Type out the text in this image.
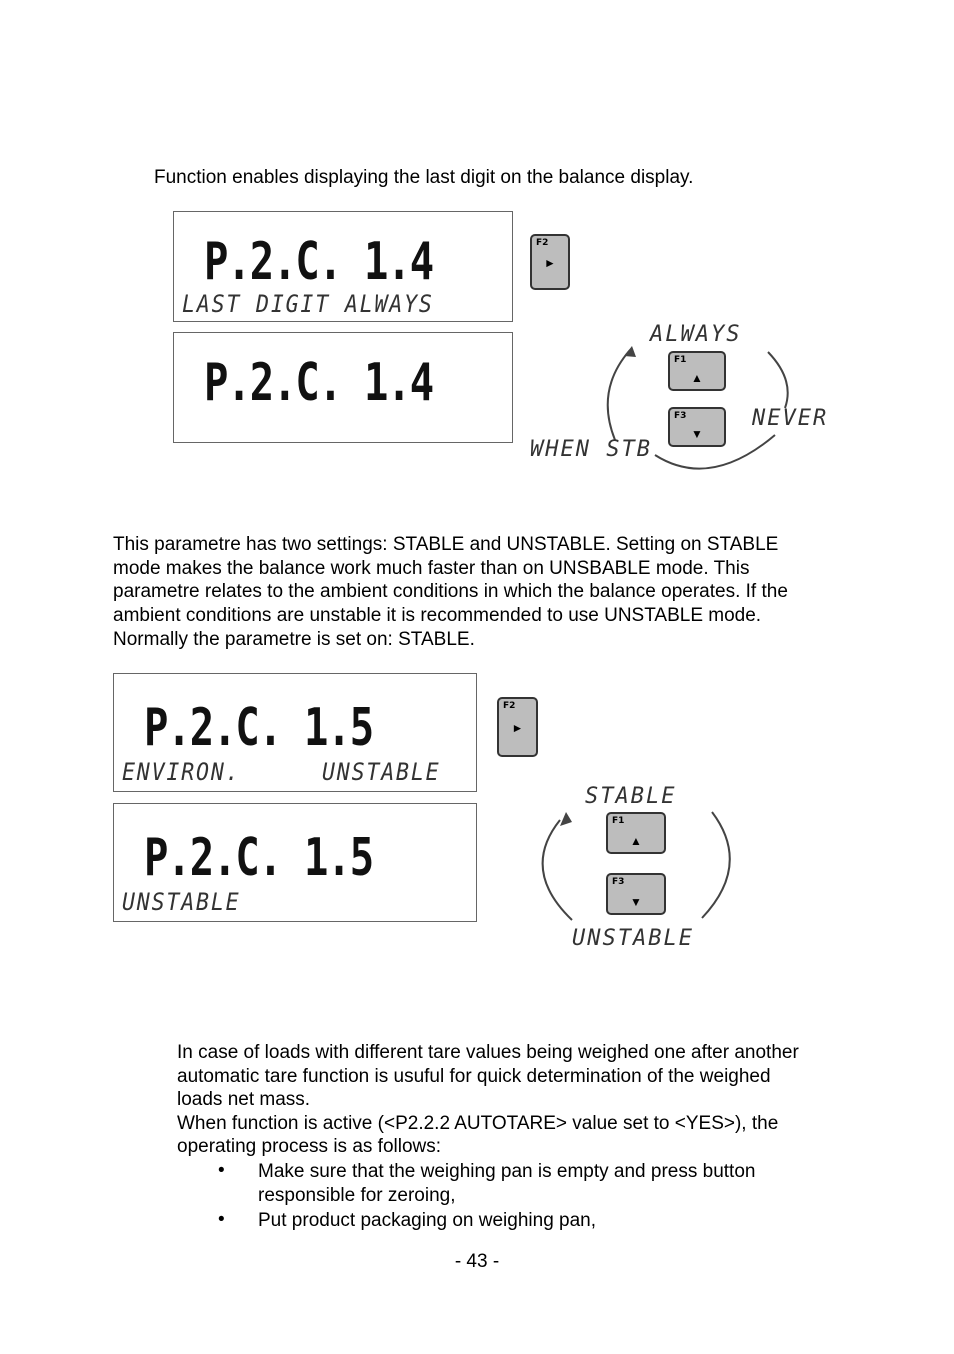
Function enables displaying the last digit on the balance display.

P.2.C. 1.4
LAST DIGIT ALWAYS
P.2.C. 1.4
F2
►
F1
▲
F3
▼
ALWAYS
NEVER
WHEN STB

This parametre has two settings: STABLE and UNSTABLE. Setting on STABLE

mode makes the balance work much faster than on UNSBABLE mode. This

parametre relates to the ambient conditions in which the balance operates. If the

ambient conditions are unstable it is recommended to use UNSTABLE mode.

Normally the parametre is set on: STABLE.

P.2.C. 1.5
ENVIRON.	UNSTABLE
P.2.C. 1.5
UNSTABLE
F2
►
F1
▲
F3
▼
STABLE
UNSTABLE

In case of loads with different tare values being weighed one after another

automatic tare function is usuful for quick determination of the weighed

loads net mass.

When function is active (<P2.2.2 AUTOTARE> value set to <YES>), the

operating process is as follows:

• Make sure that the weighing pan is empty and press button

responsible for zeroing,

• Put product packaging on weighing pan,

- 43 -
